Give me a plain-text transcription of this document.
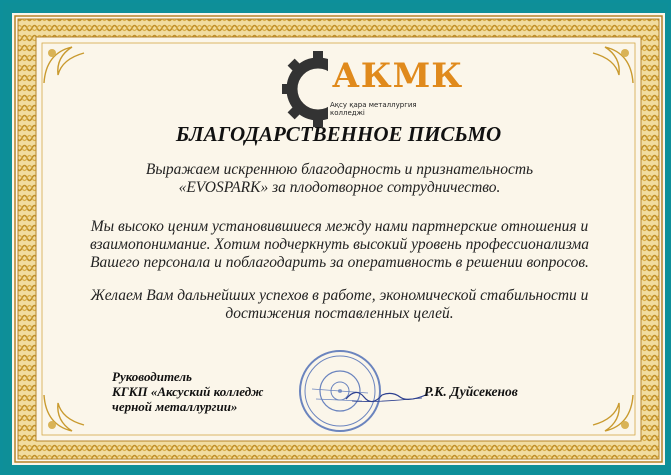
АКМК
Ақсу қара металлургия колледжі
БЛАГОДАРСТВЕННОЕ ПИСЬМО
Выражаем искреннюю благодарность и признательность
«EVOSPARK» за плодотворное сотрудничество.
Мы высоко ценим установившиеся между нами партнерские отношения и
взаимопонимание. Хотим подчеркнуть высокий уровень профессионализма
Вашего персонала и поблагодарить за оперативность в решении вопросов.
Желаем Вам дальнейших успехов в работе, экономической стабильности и
достижения поставленных целей.
Руководитель
КГКП «Аксуский колледж
черной металлургии»
Р.К. Дуйсекенов
